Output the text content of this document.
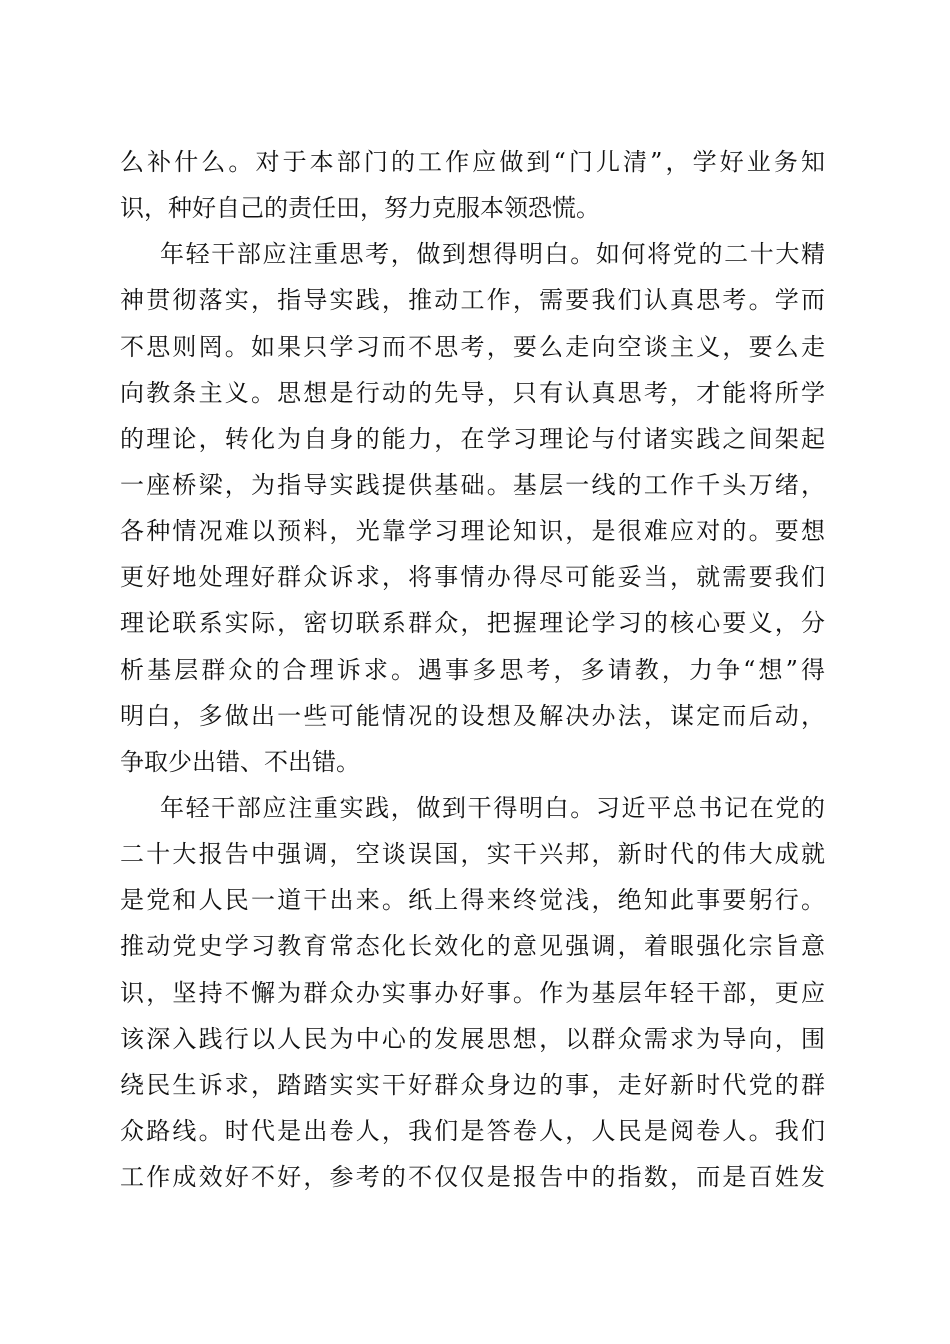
么补什么。对于本部门的工作应做到“门儿清”，学好业务知
识，种好自己的责任田，努力克服本领恐慌。
年轻干部应注重思考，做到想得明白。如何将党的二十大精
神贯彻落实，指导实践，推动工作，需要我们认真思考。学而
不思则罔。如果只学习而不思考，要么走向空谈主义，要么走
向教条主义。思想是行动的先导，只有认真思考，才能将所学
的理论，转化为自身的能力，在学习理论与付诸实践之间架起
一座桥梁，为指导实践提供基础。基层一线的工作千头万绪，
各种情况难以预料，光靠学习理论知识，是很难应对的。要想
更好地处理好群众诉求，将事情办得尽可能妥当，就需要我们
理论联系实际，密切联系群众，把握理论学习的核心要义，分
析基层群众的合理诉求。遇事多思考，多请教，力争“想”得
明白，多做出一些可能情况的设想及解决办法，谋定而后动，
争取少出错、不出错。
年轻干部应注重实践，做到干得明白。习近平总书记在党的
二十大报告中强调，空谈误国，实干兴邦，新时代的伟大成就
是党和人民一道干出来。纸上得来终觉浅，绝知此事要躬行。
推动党史学习教育常态化长效化的意见强调，着眼强化宗旨意
识，坚持不懈为群众办实事办好事。作为基层年轻干部，更应
该深入践行以人民为中心的发展思想，以群众需求为导向，围
绕民生诉求，踏踏实实干好群众身边的事，走好新时代党的群
众路线。时代是出卷人，我们是答卷人，人民是阅卷人。我们
工作成效好不好，参考的不仅仅是报告中的指数，而是百姓发
